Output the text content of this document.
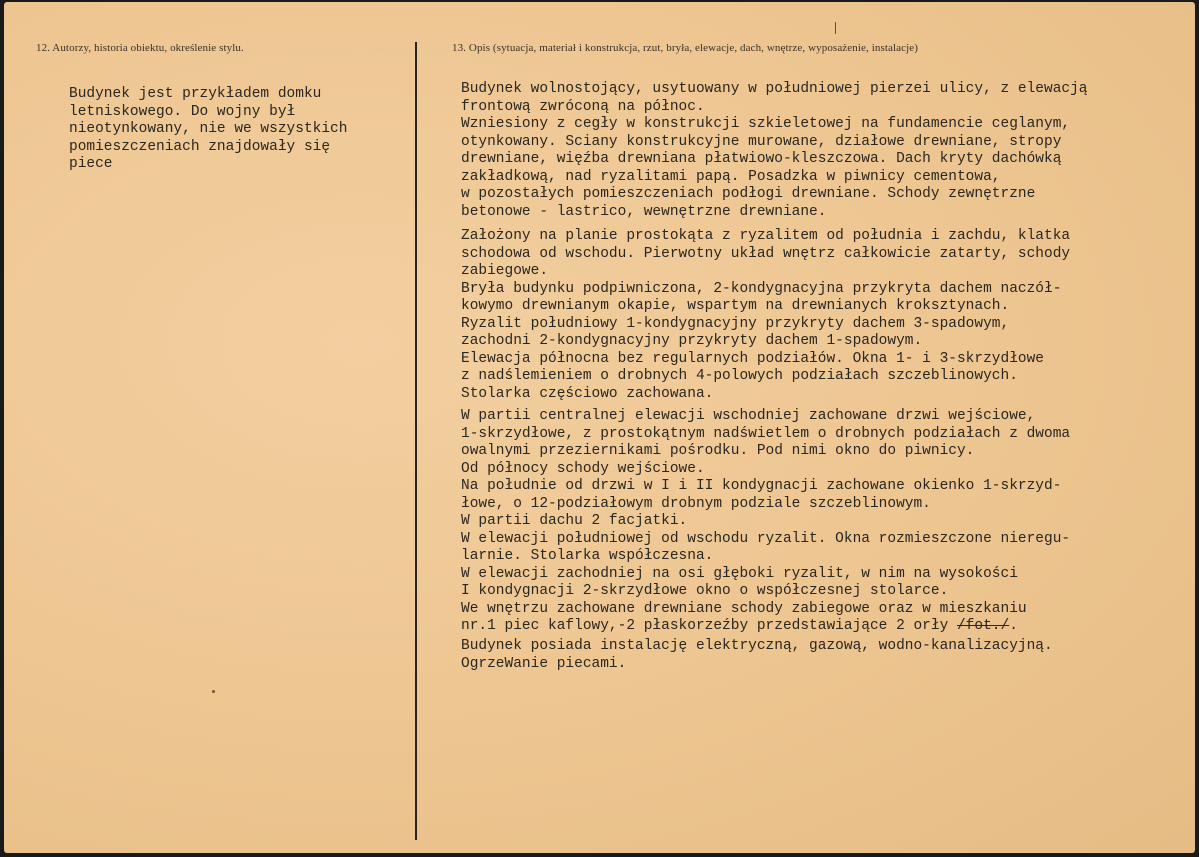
12. Autorzy, historia obiektu, określenie stylu.	13. Opis (sytuacja, materiał i konstrukcja, rzut, bryła, elewacje, dach, wnętrze, wyposażenie, instalacje)
Budynek jest przykładem domku
letniskowego. Do wojny był
nieotynkowany, nie we wszystkich
pomieszczeniach znajdowały się
piece
Budynek wolnostojący, usytuowany w południowej pierzei ulicy, z elewacją
frontową zwróconą na północ.
Wzniesiony z cegły w konstrukcji szkieletowej na fundamencie ceglanym,
otynkowany. Sciany konstrukcyjne murowane, działowe drewniane, stropy
drewniane, więźba drewniana płatwiowo-kleszczowa. Dach kryty dachówką
zakładkową, nad ryzalitami papą. Posadzka w piwnicy cementowa,
w pozostałych pomieszczeniach podłogi drewniane. Schody zewnętrzne
betonowe - lastrico, wewnętrzne drewniane.
Założony na planie prostokąta z ryzalitem od południa i zachdu, klatka
schodowa od wschodu. Pierwotny układ wnętrz całkowicie zatarty, schody
zabiegowe.
Bryła budynku podpiwniczona, 2-kondygnacyjna przykryta dachem naczół-
kowymo drewnianym okapie, wspartym na drewnianych kroksztynach.
Ryzalit południowy 1-kondygnacyjny przykryty dachem 3-spadowym,
zachodni 2-kondygnacyjny przykryty dachem 1-spadowym.
Elewacja północna bez regularnych podziałów. Okna 1- i 3-skrzydłowe
z nadślemieniem o drobnych 4-polowych podziałach szczeblinowych.
Stolarka częściowo zachowana.
W partii centralnej elewacji wschodniej zachowane drzwi wejściowe,
1-skrzydłowe, z prostokątnym nadświetlem o drobnych podziałach z dwoma
owalnymi przeziernikami pośrodku. Pod nimi okno do piwnicy.
Od północy schody wejściowe.
Na południe od drzwi w I i II kondygnacji zachowane okienko 1-skrzyd-
łowe, o 12-podziałowym drobnym podziale szczeblinowym.
W partii dachu 2 facjatki.
W elewacji południowej od wschodu ryzalit. Okna rozmieszczone nieregu-
larnie. Stolarka współczesna.
W elewacji zachodniej na osi głęboki ryzalit, w nim na wysokości
I kondygnacji 2-skrzydłowe okno o współczesnej stolarce.
We wnętrzu zachowane drewniane schody zabiegowe oraz w mieszkaniu
nr.1 piec kaflowy,-2 płaskorzeźby przedstawiające 2 orły /fot./.
Budynek posiada instalację elektryczną, gazową, wodno-kanalizacyjną.
OgrzeWanie piecami.
